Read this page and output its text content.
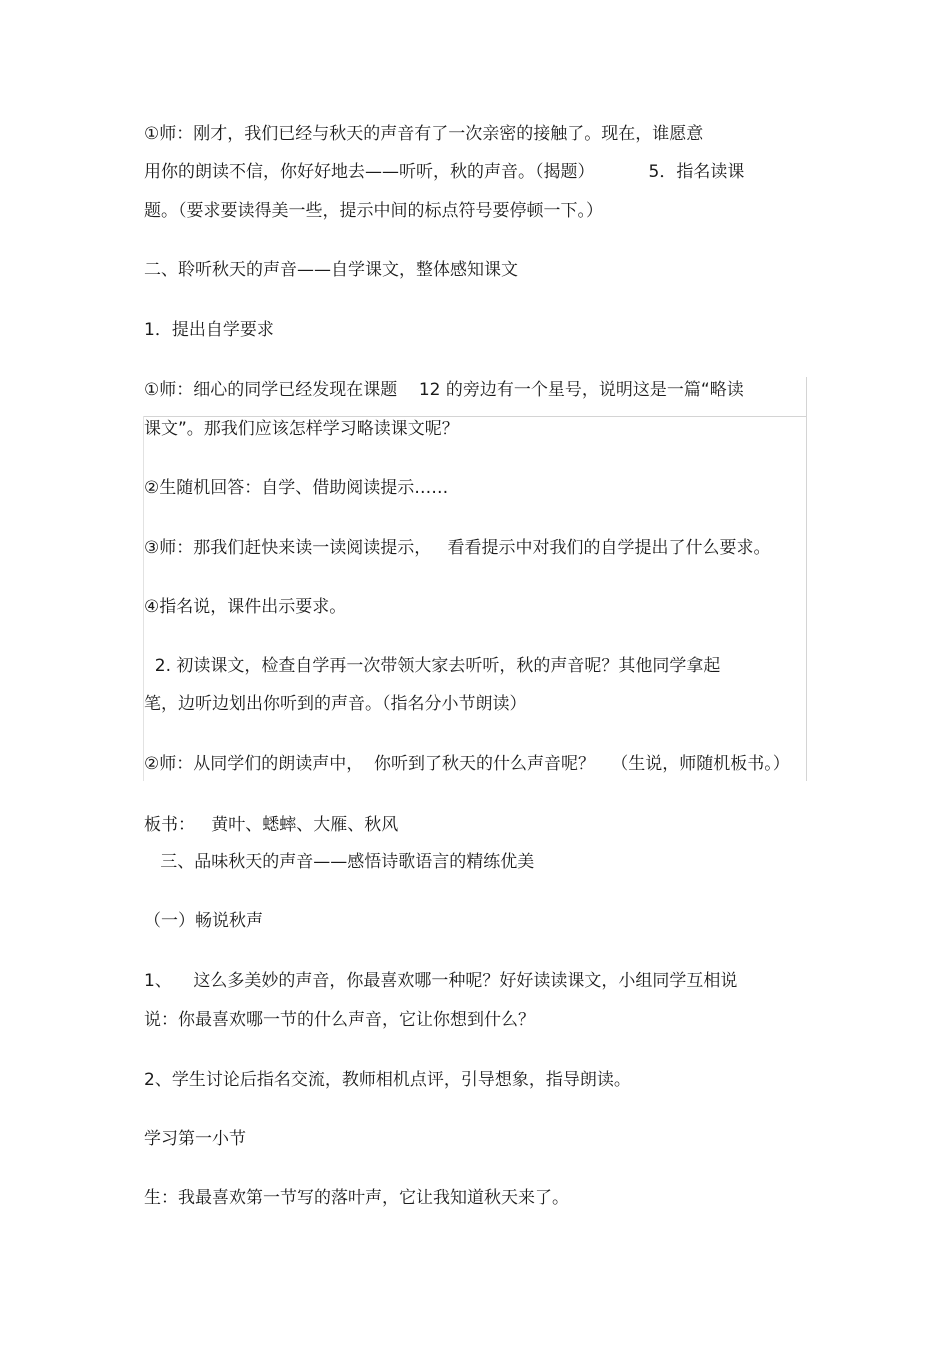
①师：刚才，我们已经与秋天的声音有了一次亲密的接触了。现在，谁愿意
用你的朗读不信，你好好地去——听听，秋的声音。（揭题）          5．指名读课
题。（要求要读得美一些，提示中间的标点符号要停顿一下。）
二、聆听秋天的声音——自学课文，整体感知课文
1．提出自学要求
①师：细心的同学已经发现在课题    12 的旁边有一个星号，说明这是一篇“略读
课文”。那我们应该怎样学习略读课文呢？
②生随机回答：自学、借助阅读提示……
③师：那我们赶快来读一读阅读提示，   看看提示中对我们的自学提出了什么要求。
④指名说，课件出示要求。
2. 初读课文，检查自学再一次带领大家去听听，秋的声音呢？其他同学拿起
笔，边听边划出你听到的声音。（指名分小节朗读）
②师：从同学们的朗读声中，  你听到了秋天的什么声音呢？   （生说，师随机板书。）
板书：   黄叶、蟋蟀、大雁、秋风
三、品味秋天的声音——感悟诗歌语言的精练优美
（一）畅说秋声
1、    这么多美妙的声音，你最喜欢哪一种呢？好好读读课文，小组同学互相说
说：你最喜欢哪一节的什么声音，它让你想到什么？
2、学生讨论后指名交流，教师相机点评，引导想象，指导朗读。
学习第一小节
生：我最喜欢第一节写的落叶声，它让我知道秋天来了。
